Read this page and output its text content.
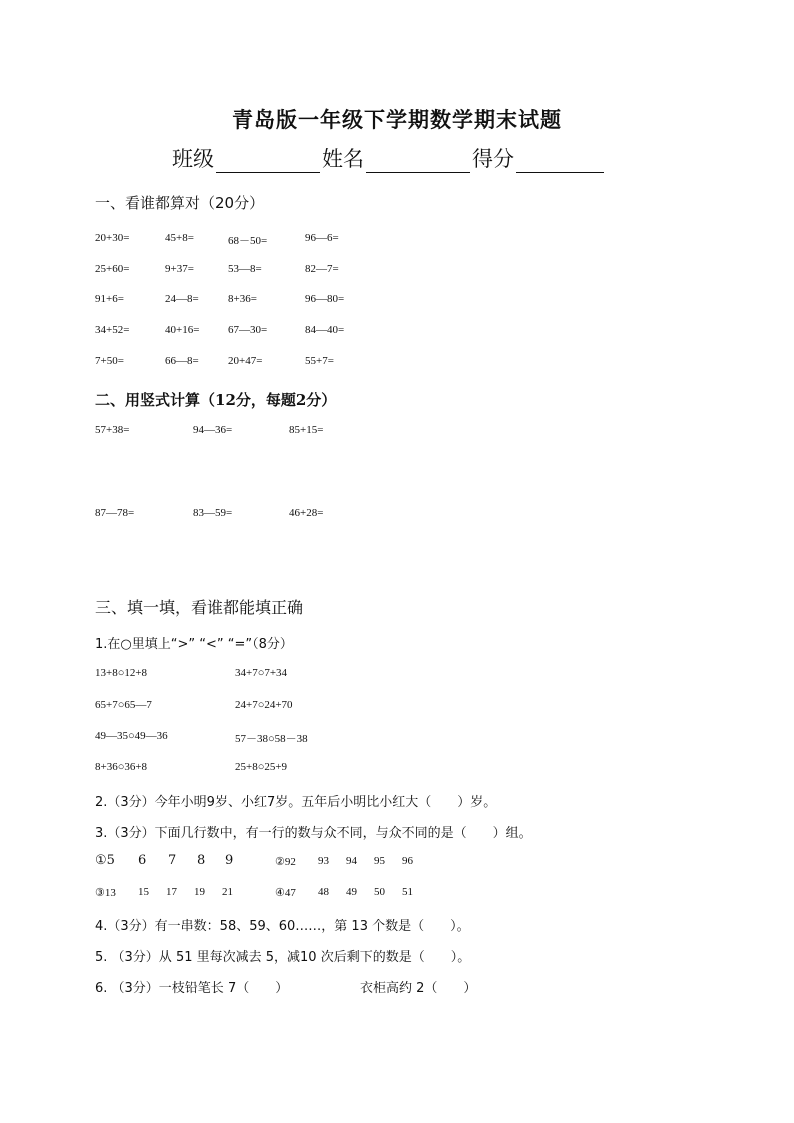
青岛版一年级下学期数学期末试题
班级	姓名	得分
一、看谁都算对（20分）
20+30=	45+8=	68－50=	96—6=
25+60=	9+37=	53—8=	82—7=
91+6=	24—8=	8+36=	96—80=
34+52=	40+16=	67—30=	84—40=
7+50=	66—8=	20+47=	55+7=
二、用竖式计算（12分，每题2分）
57+38=	94—36=	85+15=
87—78=	83—59=	46+28=
三、填一填，看谁都能填正确
1.在○里填上“>” “<” “=”（8分）
13+8○12+8	34+7○7+34
65+7○65—7	24+7○24+70
49—35○49—36	57－38○58－38
8+36○36+8	25+8○25+9
2.（3分）今年小明9岁、小红7岁。五年后小明比小红大（　　）岁。
3.（3分）下面几行数中，有一行的数与众不同，与众不同的是（　　）组。
①5 6 7 8 9	②92 93 94 95 96
③13 15 17 19 21	④47 48 49 50 51
4.（3分）有一串数：58、59、60……，第 13 个数是（　　）。
5. （3分）从 51 里每次减去 5，减10 次后剩下的数是（　　）。
6. （3分）一枝铅笔长 7（　　）	衣柜高约 2（　　）
